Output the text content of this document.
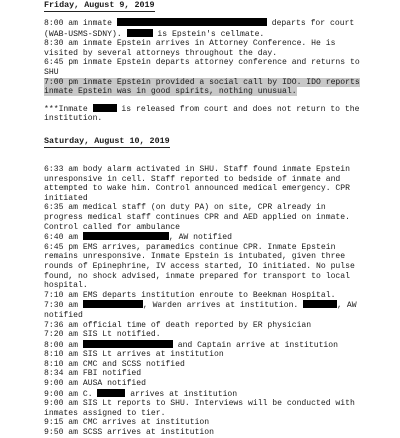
Friday, August 9, 2019
8:00 am inmate	departs for court
(WAB-USMS-SDNY).	is Epstein's cellmate.
8:30 am inmate Epstein arrives in Attorney Conference. He is
visited by several attorneys throughout the day.
6:45 pm inmate Epstein departs attorney conference and returns to
SHU
7:00 pm inmate Epstein provided a social call by IDO. IDO reports
inmate Epstein was in good spirits, nothing unusual.
***Inmate	is released from court and does not return to the
institution.
Saturday, August 10, 2019
6:33 am body alarm activated in SHU. Staff found inmate Epstein
unresponsive in cell. Staff reported to bedside of inmate and
attempted to wake him. Control announced medical emergency. CPR
initiated
6:35 am medical staff (on duty PA) on site, CPR already in
progress medical staff continues CPR and AED applied on inmate.
Control called for ambulance
6:40 am	, AW notified
6:45 pm EMS arrives, paramedics continue CPR. Inmate Epstein
remains unresponsive. Inmate Epstein is intubated, given three
rounds of Epinephrine, IV access started, IO initiated. No pulse
found, no shock advised, inmate prepared for transport to local
hospital.
7:10 am EMS departs institution enroute to Beekman Hospital.
7:30 am	, Warden arrives at institution.	, AW notified
7:36 am official time of death reported by ER physician
7:20 am SIS Lt notified.
8:00 am	and Captain arrive at institution
8:10 am SIS Lt arrives at institution
8:10 am CMC and SCSS notified
8:34 am FBI notified
9:00 am AUSA notified
9:00 am C.	arrives at institution
9:00 am SIS Lt reports to SHU. Interviews will be conducted with
inmates assigned to tier.
9:15 am CMC arrives at institution
9:50 am SCSS arrives at institution
